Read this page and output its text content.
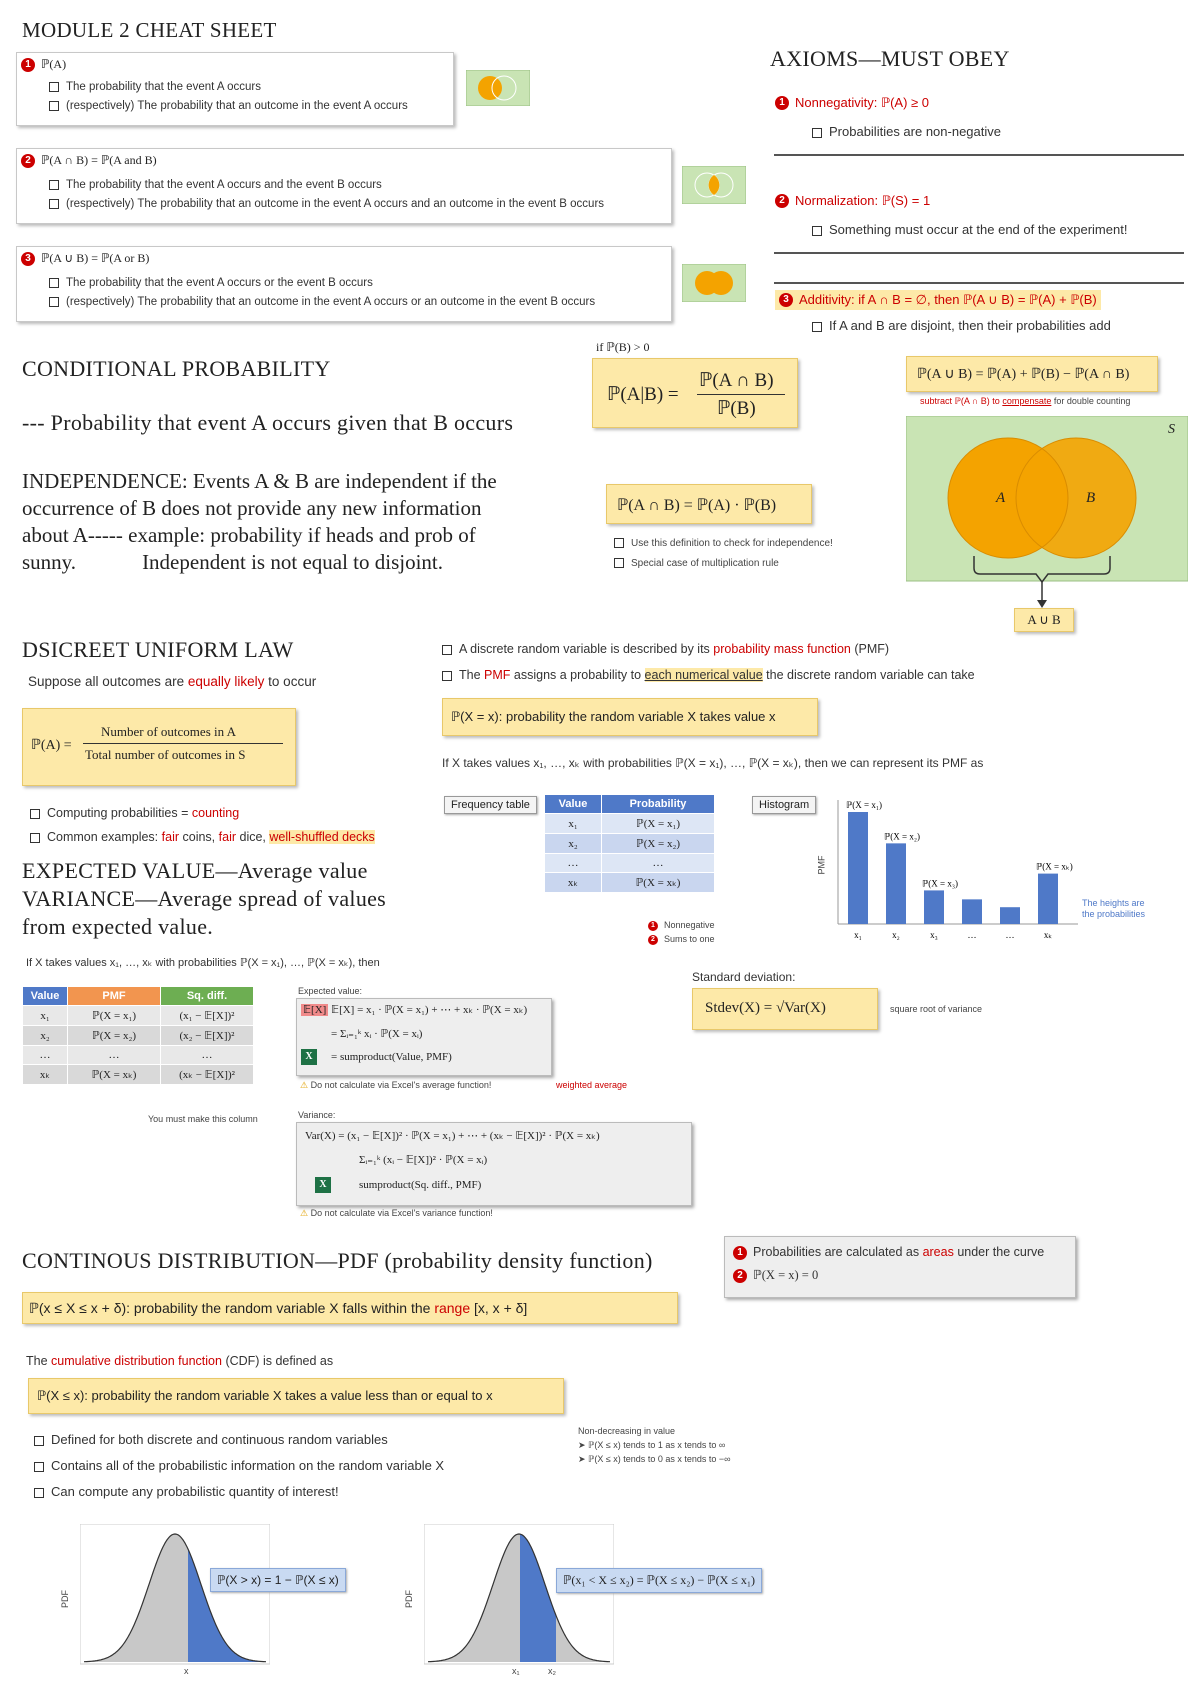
MODULE 2 CHEAT SHEET
1 ℙ(A)
The probability that the event A occurs
(respectively) The probability that an outcome in the event A occurs
2 ℙ(A ∩ B) = ℙ(A and B)
The probability that the event A occurs and the event B occurs
(respectively) The probability that an outcome in the event A occurs and an outcome in the event B occurs
3 ℙ(A ∪ B) = ℙ(A or B)
The probability that the event A occurs or the event B occurs
(respectively) The probability that an outcome in the event A occurs or an outcome in the event B occurs
AXIOMS—MUST OBEY
1 Nonnegativity: ℙ(A) ≥ 0
Probabilities are non-negative
2 Normalization: ℙ(S) = 1
Something must occur at the end of the experiment!
3 Additivity: if A ∩ B = ∅, then ℙ(A ∪ B) = ℙ(A) + ℙ(B)
If A and B are disjoint, then their probabilities add
CONDITIONAL PROBABILITY
--- Probability that event A occurs given that B occurs
if ℙ(B) > 0
ℙ(A|B) =
ℙ(A ∩ B)
ℙ(B)
ℙ(A ∪ B) = ℙ(A) + ℙ(B) − ℙ(A ∩ B)
subtract ℙ(A ∩ B) to compensate for double counting
S
A	B
A ∪ B
INDEPENDENCE: Events A & B are independent if the
occurrence of B does not provide any new information
about A----- example: probability if heads and prob of
sunny.	Independent is not equal to disjoint.
ℙ(A ∩ B) = ℙ(A) · ℙ(B)
Use this definition to check for independence!
Special case of multiplication rule
DSICREET UNIFORM LAW
Suppose all outcomes are equally likely to occur
ℙ(A) =
Number of outcomes in A
Total number of outcomes in S
Computing probabilities = counting
Common examples: fair coins, fair dice, well-shuffled decks
A discrete random variable is described by its probability mass function (PMF)
The PMF assigns a probability to each numerical value the discrete random variable can take
ℙ(X = x): probability the random variable X takes value x
If X takes values x₁, …, xₖ with probabilities ℙ(X = x₁), …, ℙ(X = xₖ), then we can represent its PMF as
Frequency table	Value	Probability
x₁	ℙ(X = x₁)
x₂	ℙ(X = x₂)
…	…
xₖ	ℙ(X = xₖ)
1 Nonnegative
2 Sums to one
Histogram
x₁
ℙ(X = x₁)
x₂
ℙ(X = x₂)
x₃
ℙ(X = x₃)
…	…	xₖ
ℙ(X = xₖ)
PMF
The heights are the probabilities
EXPECTED VALUE—Average value
VARIANCE—Average spread of values
from expected value.
If X takes values x₁, …, xₖ with probabilities ℙ(X = x₁), …, ℙ(X = xₖ), then
Value	PMF	Sq. diff.
x₁	ℙ(X = x₁)	(x₁ − 𝔼[X])²
x₂	ℙ(X = x₂)	(x₂ − 𝔼[X])²
…	…	…
xₖ	ℙ(X = xₖ)	(xₖ − 𝔼[X])²
You must make this column
Expected value:
𝔼[X] 𝔼[X] = x₁ · ℙ(X = x₁) + ⋯ + xₖ · ℙ(X = xₖ)
= Σᵢ₌₁ᵏ xᵢ · ℙ(X = xᵢ)
X	= sumproduct(Value, PMF)
⚠ Do not calculate via Excel's average function!	weighted average
Variance:
Var(X) = (x₁ − 𝔼[X])² · ℙ(X = x₁) + ⋯ + (xₖ − 𝔼[X])² · ℙ(X = xₖ)
Σᵢ₌₁ᵏ (xᵢ − 𝔼[X])² · ℙ(X = xᵢ)
X	sumproduct(Sq. diff., PMF)
⚠ Do not calculate via Excel's variance function!
Standard deviation:
Stdev(X) = √Var(X)	square root of variance
CONTINOUS DISTRIBUTION—PDF (probability density function)	1 Probabilities are calculated as areas under the curve
2 ℙ(X = x) = 0
ℙ(x ≤ X ≤ x + δ): probability the random variable X falls within the range [x, x + δ]
The cumulative distribution function (CDF) is defined as
ℙ(X ≤ x): probability the random variable X takes a value less than or equal to x
Non-decreasing in value
➤ ℙ(X ≤ x) tends to 1 as x tends to ∞
➤ ℙ(X ≤ x) tends to 0 as x tends to −∞
Defined for both discrete and continuous random variables
Contains all of the probabilistic information on the random variable X
Can compute any probabilistic quantity of interest!
PDF
x
ℙ(X > x) = 1 − ℙ(X ≤ x)
PDF
x₁	x₂
ℙ(x₁ < X ≤ x₂) = ℙ(X ≤ x₂) − ℙ(X ≤ x₁)
